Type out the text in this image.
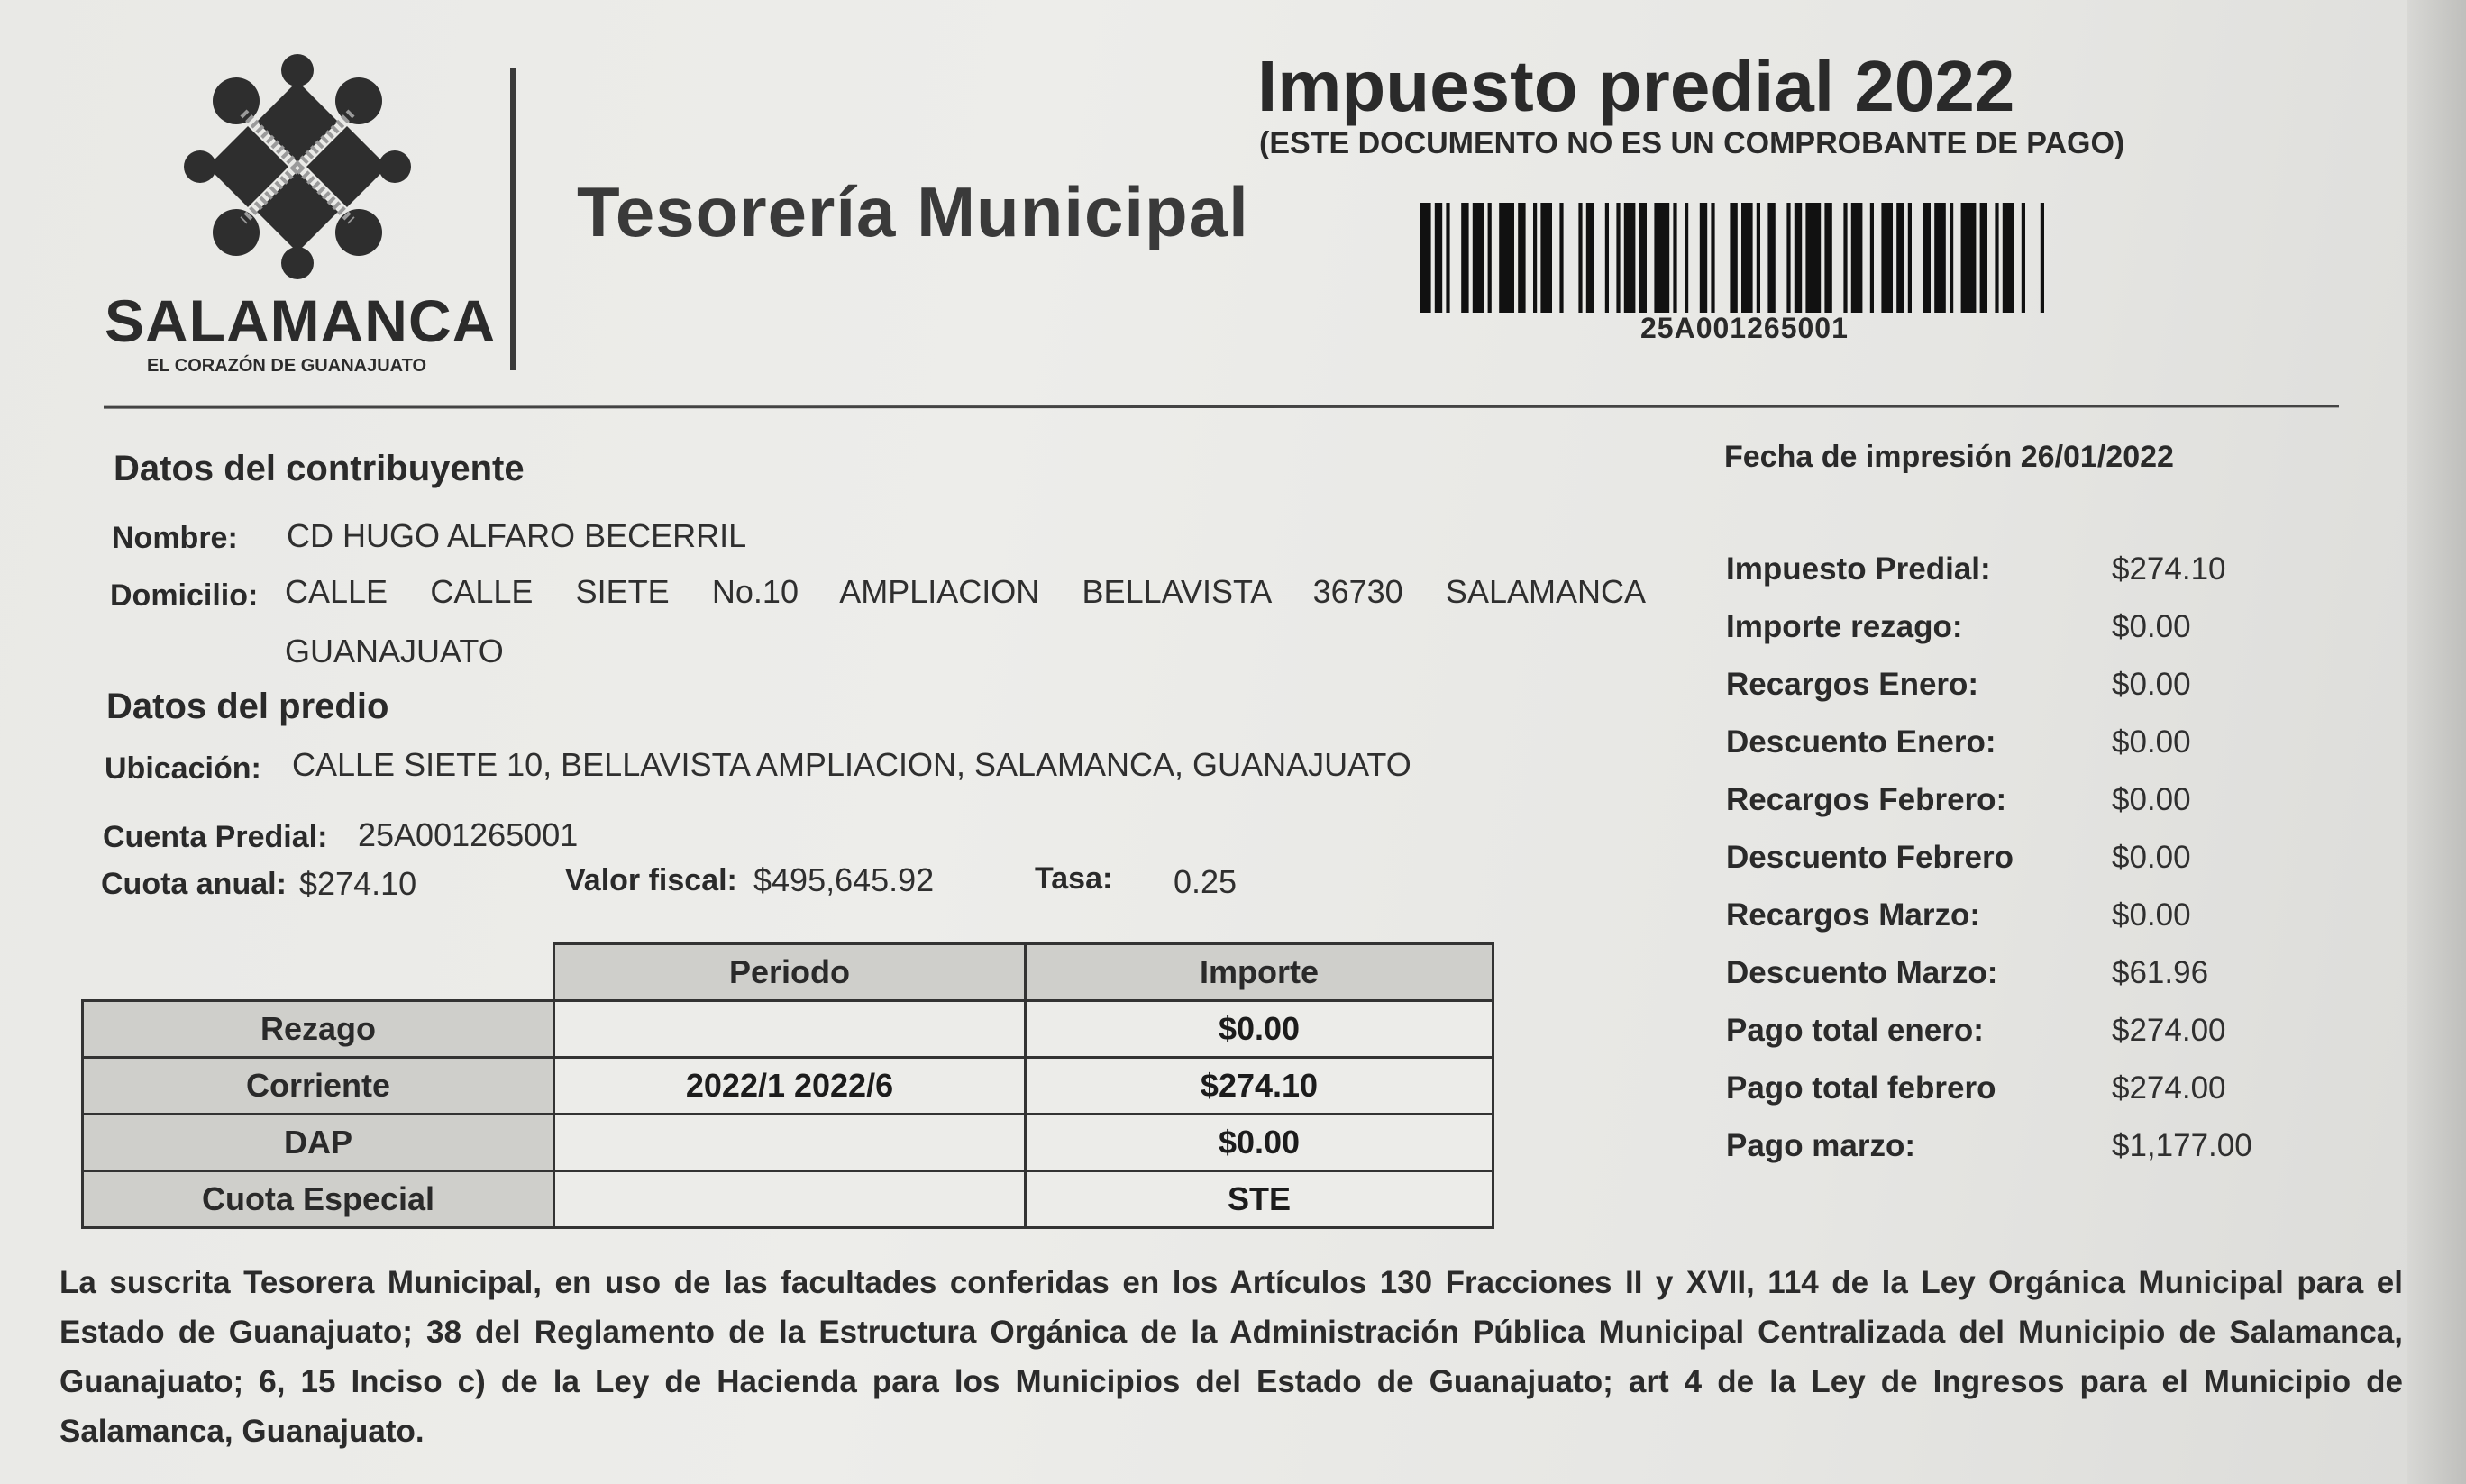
SALAMANCA
EL CORAZÓN DE GUANAJUATO
Tesorería Municipal
Impuesto predial 2022
(ESTE DOCUMENTO NO ES UN COMPROBANTE DE PAGO)
25A001265001
Datos del contribuyente
Nombre: CD HUGO ALFARO BECERRIL
Domicilio: CALLE CALLE SIETE No.10 AMPLIACION BELLAVISTA 36730 SALAMANCA
GUANAJUATO
Datos del predio
Ubicación: CALLE SIETE 10, BELLAVISTA AMPLIACION, SALAMANCA, GUANAJUATO
Cuenta Predial: 25A001265001
Cuota anual: $274.10	Valor fiscal: $495,645.92	Tasa: 0.25
Fecha de impresión 26/01/2022
Impuesto Predial:	$274.10
Importe rezago:	$0.00
Recargos Enero:	$0.00
Descuento Enero:	$0.00
Recargos Febrero:	$0.00
Descuento Febrero	$0.00
Recargos Marzo:	$0.00
Descuento Marzo:	$61.96
Pago total enero:	$274.00
Pago total febrero	$274.00
Pago marzo:	$1,177.00
	Periodo	Importe
Rezago		$0.00
Corriente	2022/1 2022/6	$274.10
DAP		$0.00
Cuota Especial		STE
La suscrita Tesorera Municipal, en uso de las facultades conferidas en los Artículos 130 Fracciones II y XVII, 114 de la Ley Orgánica Municipal para el Estado de Guanajuato; 38 del Reglamento de la Estructura Orgánica de la Administración Pública Municipal Centralizada del Municipio de Salamanca, Guanajuato; 6, 15 Inciso c) de la Ley de Hacienda para los Municipios del Estado de Guanajuato; art 4 de la Ley de Ingresos para el Municipio de Salamanca, Guanajuato.
